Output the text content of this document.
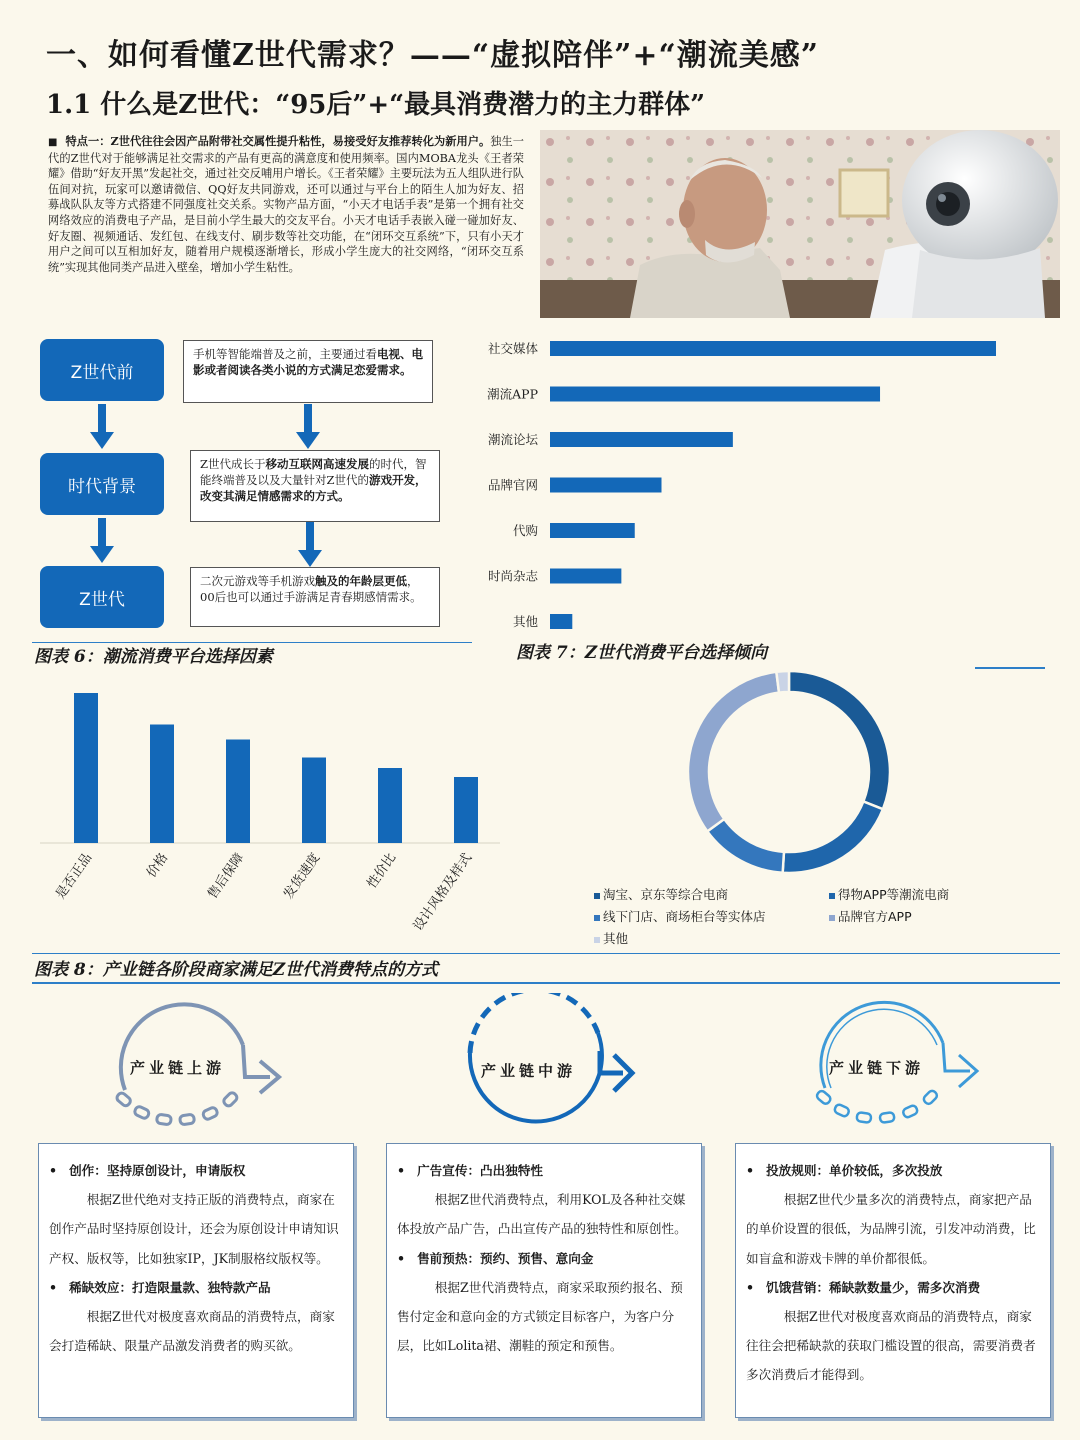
一、如何看懂Z世代需求？——“虚拟陪伴”+“潮流美感”
1.1 什么是Z世代：“95后”+“最具消费潜力的主力群体”
■ 特点一：Z世代往往会因产品附带社交属性提升粘性，易接受好友推荐转化为新用户。独生一代的Z世代对于能够满足社交需求的产品有更高的满意度和使用频率。国内MOBA龙头《王者荣耀》借助“好友开黑”发起社交，通过社交反哺用户增长。《王者荣耀》主要玩法为五人组队进行队伍间对抗，玩家可以邀请微信、QQ好友共同游戏，还可以通过与平台上的陌生人加为好友、招募战队队友等方式搭建不同强度社交关系。实物产品方面，“小天才电话手表”是第一个拥有社交网络效应的消费电子产品，是目前小学生最大的交友平台。小天才电话手表嵌入碰一碰加好友、好友圈、视频通话、发红包、在线支付、刷步数等社交功能，在“闭环交互系统”下，只有小天才用户之间可以互相加好友，随着用户规模逐渐增长，形成小学生庞大的社交网络，“闭环交互系统”实现其他同类产品进入壁垒，增加小学生粘性。
Z世代前
时代背景
Z世代
手机等智能端普及之前，主要通过看电视、电影或者阅读各类小说的方式满足恋爱需求。
Z世代成长于移动互联网高速发展的时代，智能终端普及以及大量针对Z世代的游戏开发，改变其满足情感需求的方式。
二次元游戏等手机游戏触及的年龄层更低，00后也可以通过手游满足青春期感情需求。
社交媒体
潮流APP
潮流论坛
品牌官网
代购
时尚杂志
其他
图表 6：潮流消费平台选择因素	图表 7：Z世代消费平台选择倾向
是否正品	价格	售后保障	发货速度	性价比 设计风格及样式	淘宝、京东等综合电商	得物APP等潮流电商
线下门店、商场柜台等实体店	品牌官方APP
其他
图表 8：产业链各阶段商家满足Z世代消费特点的方式
产业链上游	产业链中游	产业链下游
• 创作：坚持原创设计，申请版权
根据Z世代绝对支持正版的消费特点，商家在创作产品时坚持原创设计，还会为原创设计申请知识产权、版权等，比如独家IP，JK制服格纹版权等。
• 稀缺效应：打造限量款、独特款产品
根据Z世代对极度喜欢商品的消费特点，商家会打造稀缺、限量产品激发消费者的购买欲。
• 广告宣传：凸出独特性
根据Z世代消费特点，利用KOL及各种社交媒体投放产品广告，凸出宣传产品的独特性和原创性。
• 售前预热：预约、预售、意向金
根据Z世代消费特点，商家采取预约报名、预售付定金和意向金的方式锁定目标客户，为客户分层，比如Lolita裙、潮鞋的预定和预售。
• 投放规则：单价较低，多次投放
根据Z世代少量多次的消费特点，商家把产品的单价设置的很低，为品牌引流，引发冲动消费，比如盲盒和游戏卡牌的单价都很低。
• 饥饿营销：稀缺款数量少，需多次消费
根据Z世代对极度喜欢商品的消费特点，商家往往会把稀缺款的获取门槛设置的很高，需要消费者多次消费后才能得到。
